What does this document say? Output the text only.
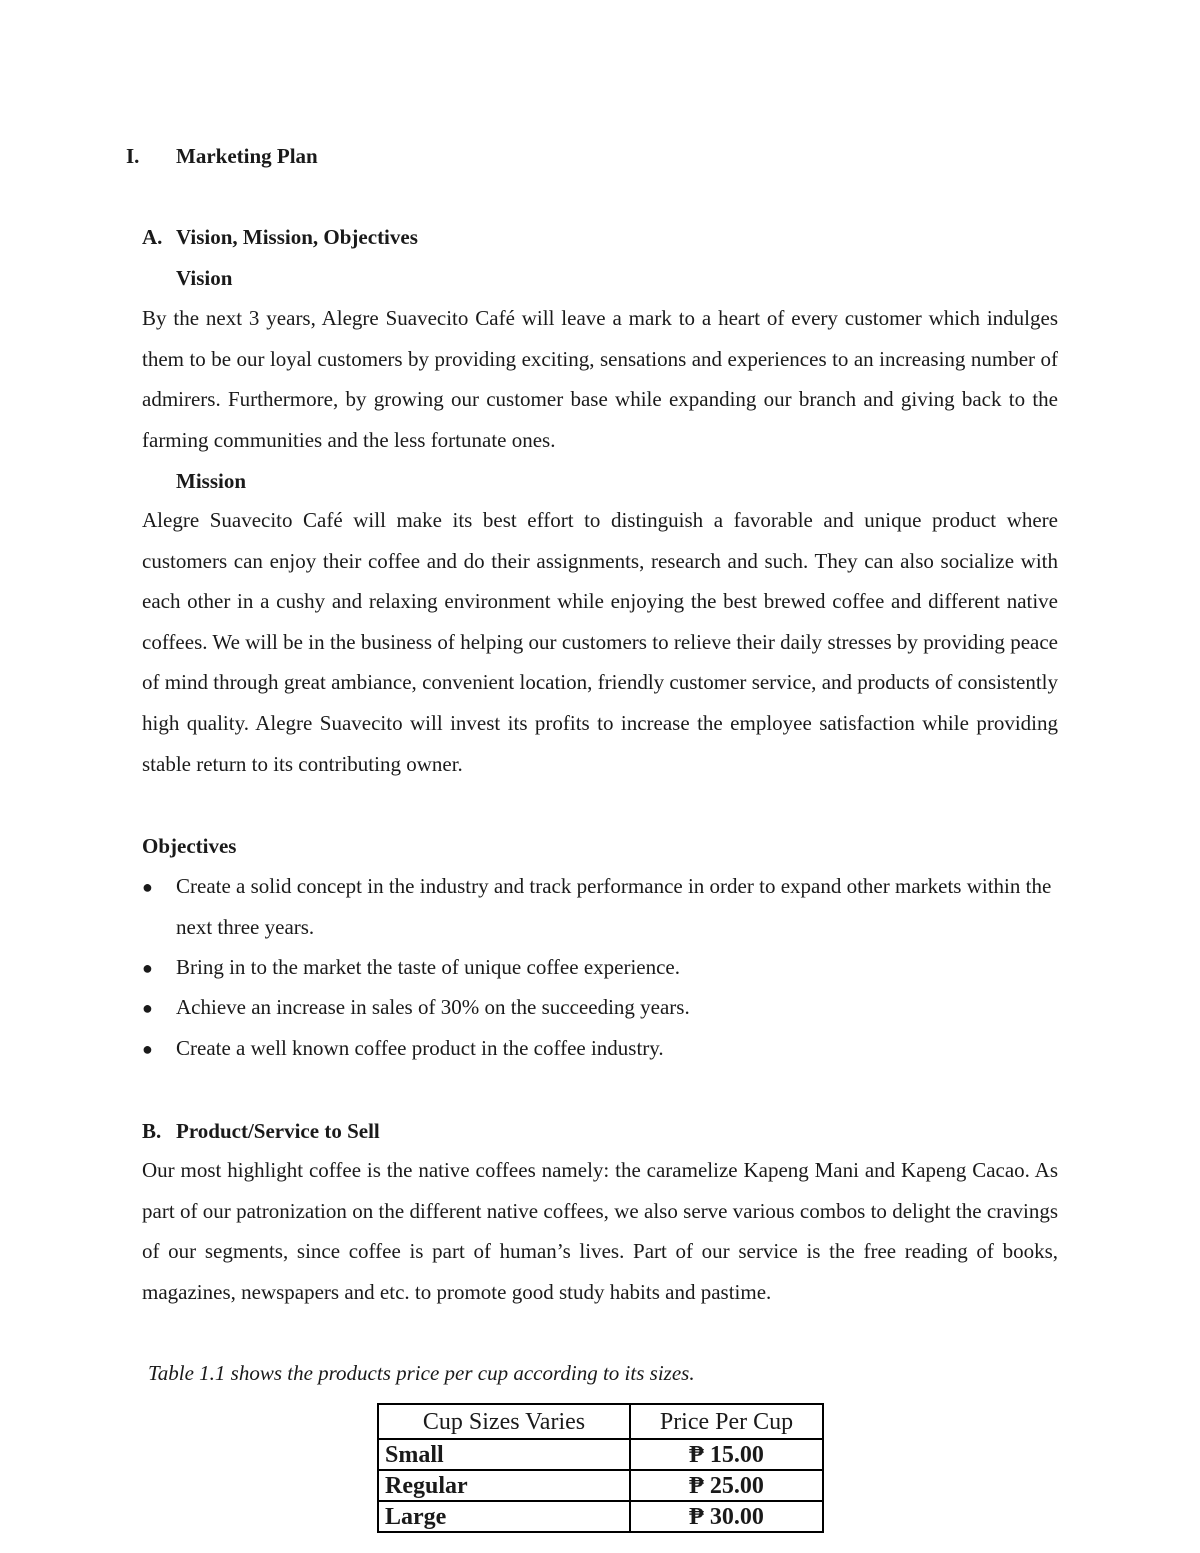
I. Marketing Plan
A. Vision, Mission, Objectives
Vision
By the next 3 years, Alegre Suavecito Café will leave a mark to a heart of every customer which indulges them to be our loyal customers by providing exciting, sensations and experiences to an increasing number of admirers. Furthermore, by growing our customer base while expanding our branch and giving back to the farming communities and the less fortunate ones.
Mission
Alegre Suavecito Café will make its best effort to distinguish a favorable and unique product where customers can enjoy their coffee and do their assignments, research and such. They can also socialize with each other in a cushy and relaxing environment while enjoying the best brewed coffee and different native coffees. We will be in the business of helping our customers to relieve their daily stresses by providing peace of mind through great ambiance, convenient location, friendly customer service, and products of consistently high quality. Alegre Suavecito will invest its profits to increase the employee satisfaction while providing stable return to its contributing owner.
Objectives
● Create a solid concept in the industry and track performance in order to expand other markets within the next three years.
● Bring in to the market the taste of unique coffee experience.
● Achieve an increase in sales of 30% on the succeeding years.
● Create a well known coffee product in the coffee industry.
B. Product/Service to Sell
Our most highlight coffee is the native coffees namely: the caramelize Kapeng Mani and Kapeng Cacao. As part of our patronization on the different native coffees, we also serve various combos to delight the cravings of our segments, since coffee is part of human’s lives. Part of our service is the free reading of books, magazines, newspapers and etc. to promote good study habits and pastime.
Table 1.1 shows the products price per cup according to its sizes.
Cup Sizes Varies	Price Per Cup
Small	₱ 15.00
Regular	₱ 25.00
Large	₱ 30.00
